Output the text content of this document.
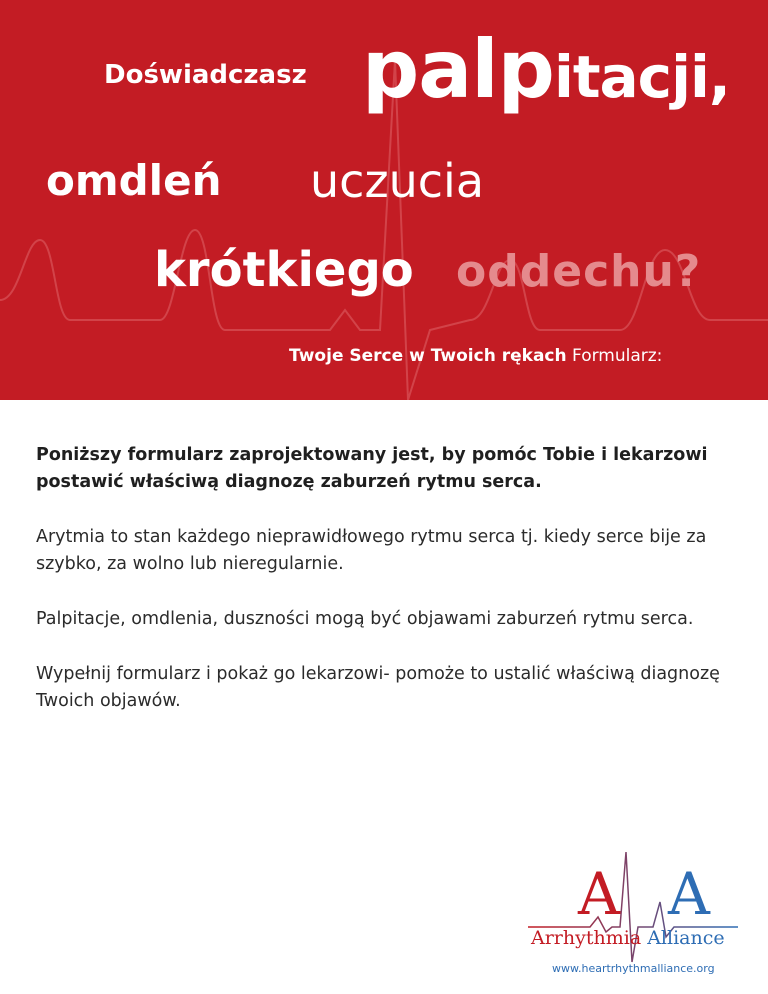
Doświadczasz palpitacji,
omdleń uczucia
krótkiego oddechu?
Twoje Serce w Twoich rękach Formularz:

Poniższy formularz zaprojektowany jest, by pomóc Tobie i lekarzowi postawić właściwą diagnozę zaburzeń rytmu serca.

Arytmia to stan każdego nieprawidłowego rytmu serca tj. kiedy serce bije za szybko, za wolno lub nieregularnie.

Palpitacje, omdlenia, duszności mogą być objawami zaburzeń rytmu serca.

Wypełnij formularz i pokaż go lekarzowi- pomoże to ustalić właściwą diagnozę Twoich objawów.

A A
Arrhythmia Alliance
www.heartrhythmalliance.org
